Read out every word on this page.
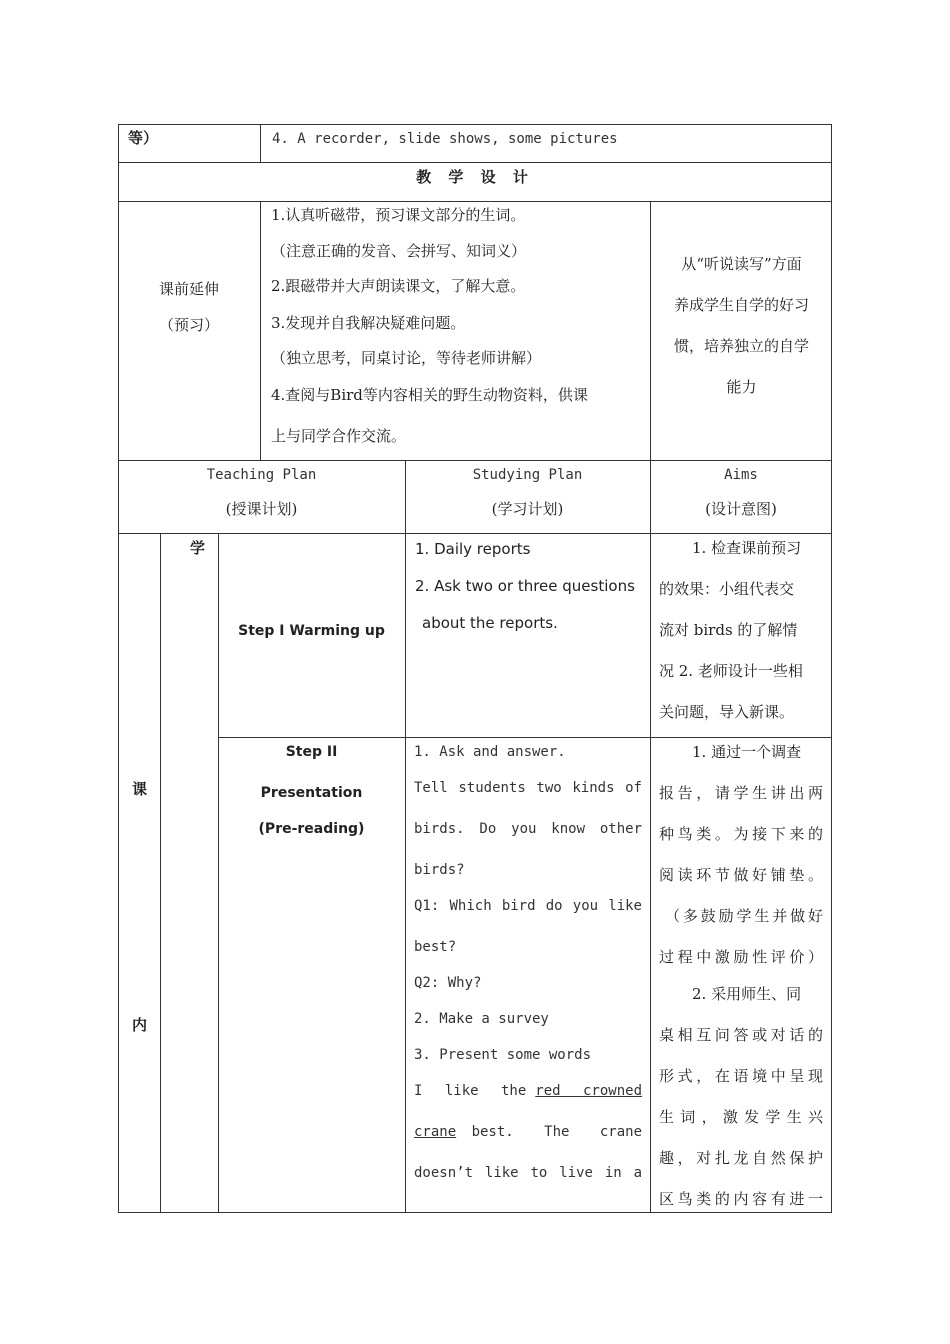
等）	4. A recorder, slide shows, some pictures
教 学 设 计
课前延伸
（预习）
1.认真听磁带，预习课文部分的生词。
（注意正确的发音、会拼写、知词义）
2.跟磁带并大声朗读课文，了解大意。
3.发现并自我解决疑难问题。
（独立思考，同桌讨论，等待老师讲解）
4.查阅与Bird等内容相关的野生动物资料，供课
上与同学合作交流。
从“听说读写”方面
养成学生自学的好习
惯，培养独立的自学
能力
Teaching Plan
(授课计划)
Studying Plan
(学习计划)
Aims
(设计意图)
课
内
学
Step I Warming up
1. Daily reports
2. Ask two or three questions
about the reports.
1. 检查课前预习
的效果：小组代表交
流对 birds 的了解情
况 2. 老师设计一些相
关问题，导入新课。
Step II
Presentation
(Pre-reading)
1. Ask and answer.
Tell students two kinds of
birds. Do you know other
birds?
Q1: Which bird do you like
best?
Q2: Why?
2. Make a survey
3. Present some words
I like the red crowned
crane best. The crane
doesn’t like to live in a
1. 通过一个调查
报告，请学生讲出两
种鸟类。为接下来的
阅读环节做好铺垫。
（多鼓励学生并做好
过程中激励性评价）
2. 采用师生、同
桌相互问答或对话的
形式，在语境中呈现
生词，激发学生兴
趣，对扎龙自然保护
区鸟类的内容有进一
